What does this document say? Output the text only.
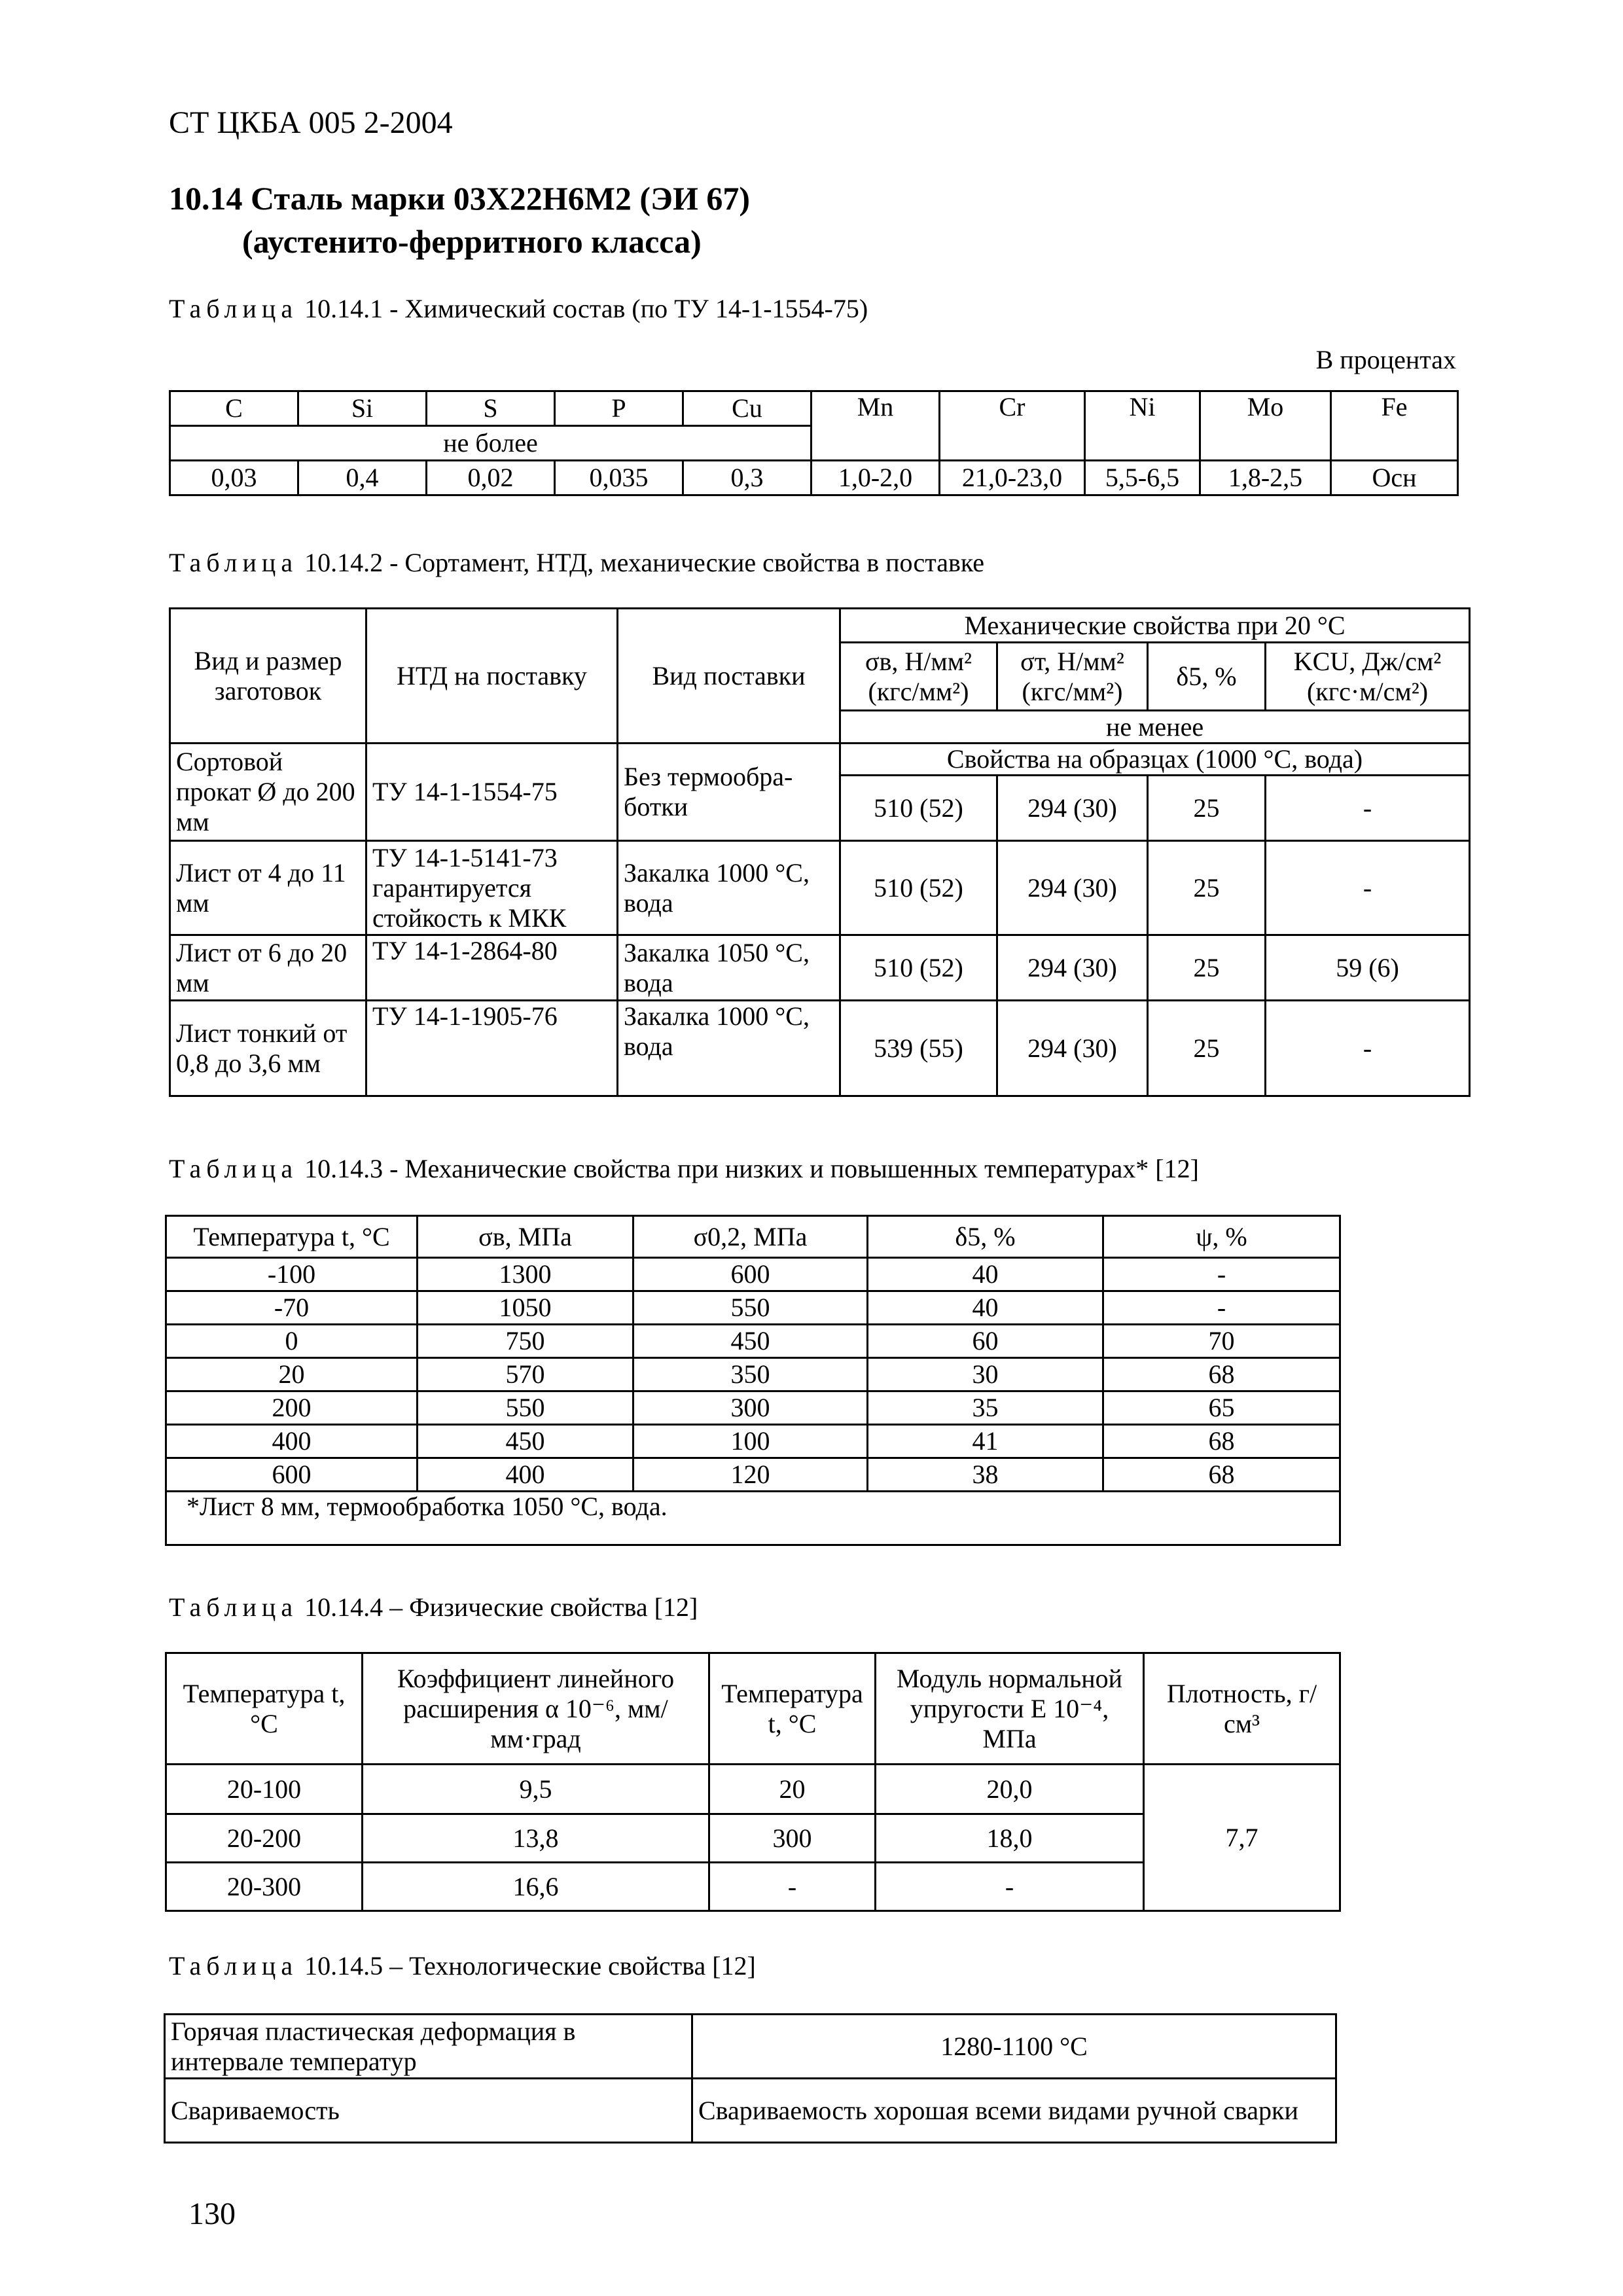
СТ ЦКБА 005 2-2004
10.14 Сталь марки 03Х22Н6М2 (ЭИ 67)
(аустенито-ферритного класса)
Таблица 10.14.1 - Химический состав (по ТУ 14-1-1554-75)
В процентах
C	Si	S	P	Cu	Mn	Cr	Ni	Mo	Fe
не более									
0,03	0,4	0,02	0,035	0,3	1,0-2,0	21,0-23,0	5,5-6,5	1,8-2,5	Осн
Таблица 10.14.2 - Сортамент, НТД, механические свойства в поставке
Вид и размер заготовок	НТД на поставку	Вид поставки	Механические свойства при 20 °С			
			σв, Н/мм² (кгс/мм²)	σт, Н/мм² (кгс/мм²)	δ5, %	KCU, Дж/см² (кгс·м/см²)
			не менее			
Сортовой прокат Ø до 200 мм	ТУ 14-1-1554-75	Без термообра-ботки	Свойства на образцах (1000 °С, вода)			
			510 (52)	294 (30)	25	-
Лист от 4 до 11 мм	ТУ 14-1-5141-73 гарантируется стойкость к МКК	Закалка 1000 °С, вода	510 (52)	294 (30)	25	-
Лист от 6 до 20 мм	ТУ 14-1-2864-80	Закалка 1050 °С, вода	510 (52)	294 (30)	25	59 (6)
Лист тонкий от 0,8 до 3,6 мм	ТУ 14-1-1905-76	Закалка 1000 °С, вода	539 (55)	294 (30)	25	-
Таблица 10.14.3 - Механические свойства при низких и повышенных температурах* [12]
Температура t, °С	σв, МПа	σ0,2, МПа	δ5, %	ψ, %
-100	1300	600	40	-
-70	1050	550	40	-
0	750	450	60	70
20	570	350	30	68
200	550	300	35	65
400	450	100	41	68
600	400	120	38	68
*Лист 8 мм, термообработка 1050 °С, вода.				
Таблица 10.14.4 – Физические свойства [12]
Температура t, °С	Коэффициент линейного расширения α 10⁻⁶, мм/мм·град	Температура t, °С	Модуль нормальной упругости Е 10⁻⁴, МПа	Плотность, г/см³
20-100	9,5	20	20,0	7,7
20-200	13,8	300	18,0	
20-300	16,6	-	-	
Таблица 10.14.5 – Технологические свойства [12]
Горячая пластическая деформация в интервале температур	1280-1100 °С
Свариваемость	Свариваемость хорошая всеми видами ручной сварки
130
